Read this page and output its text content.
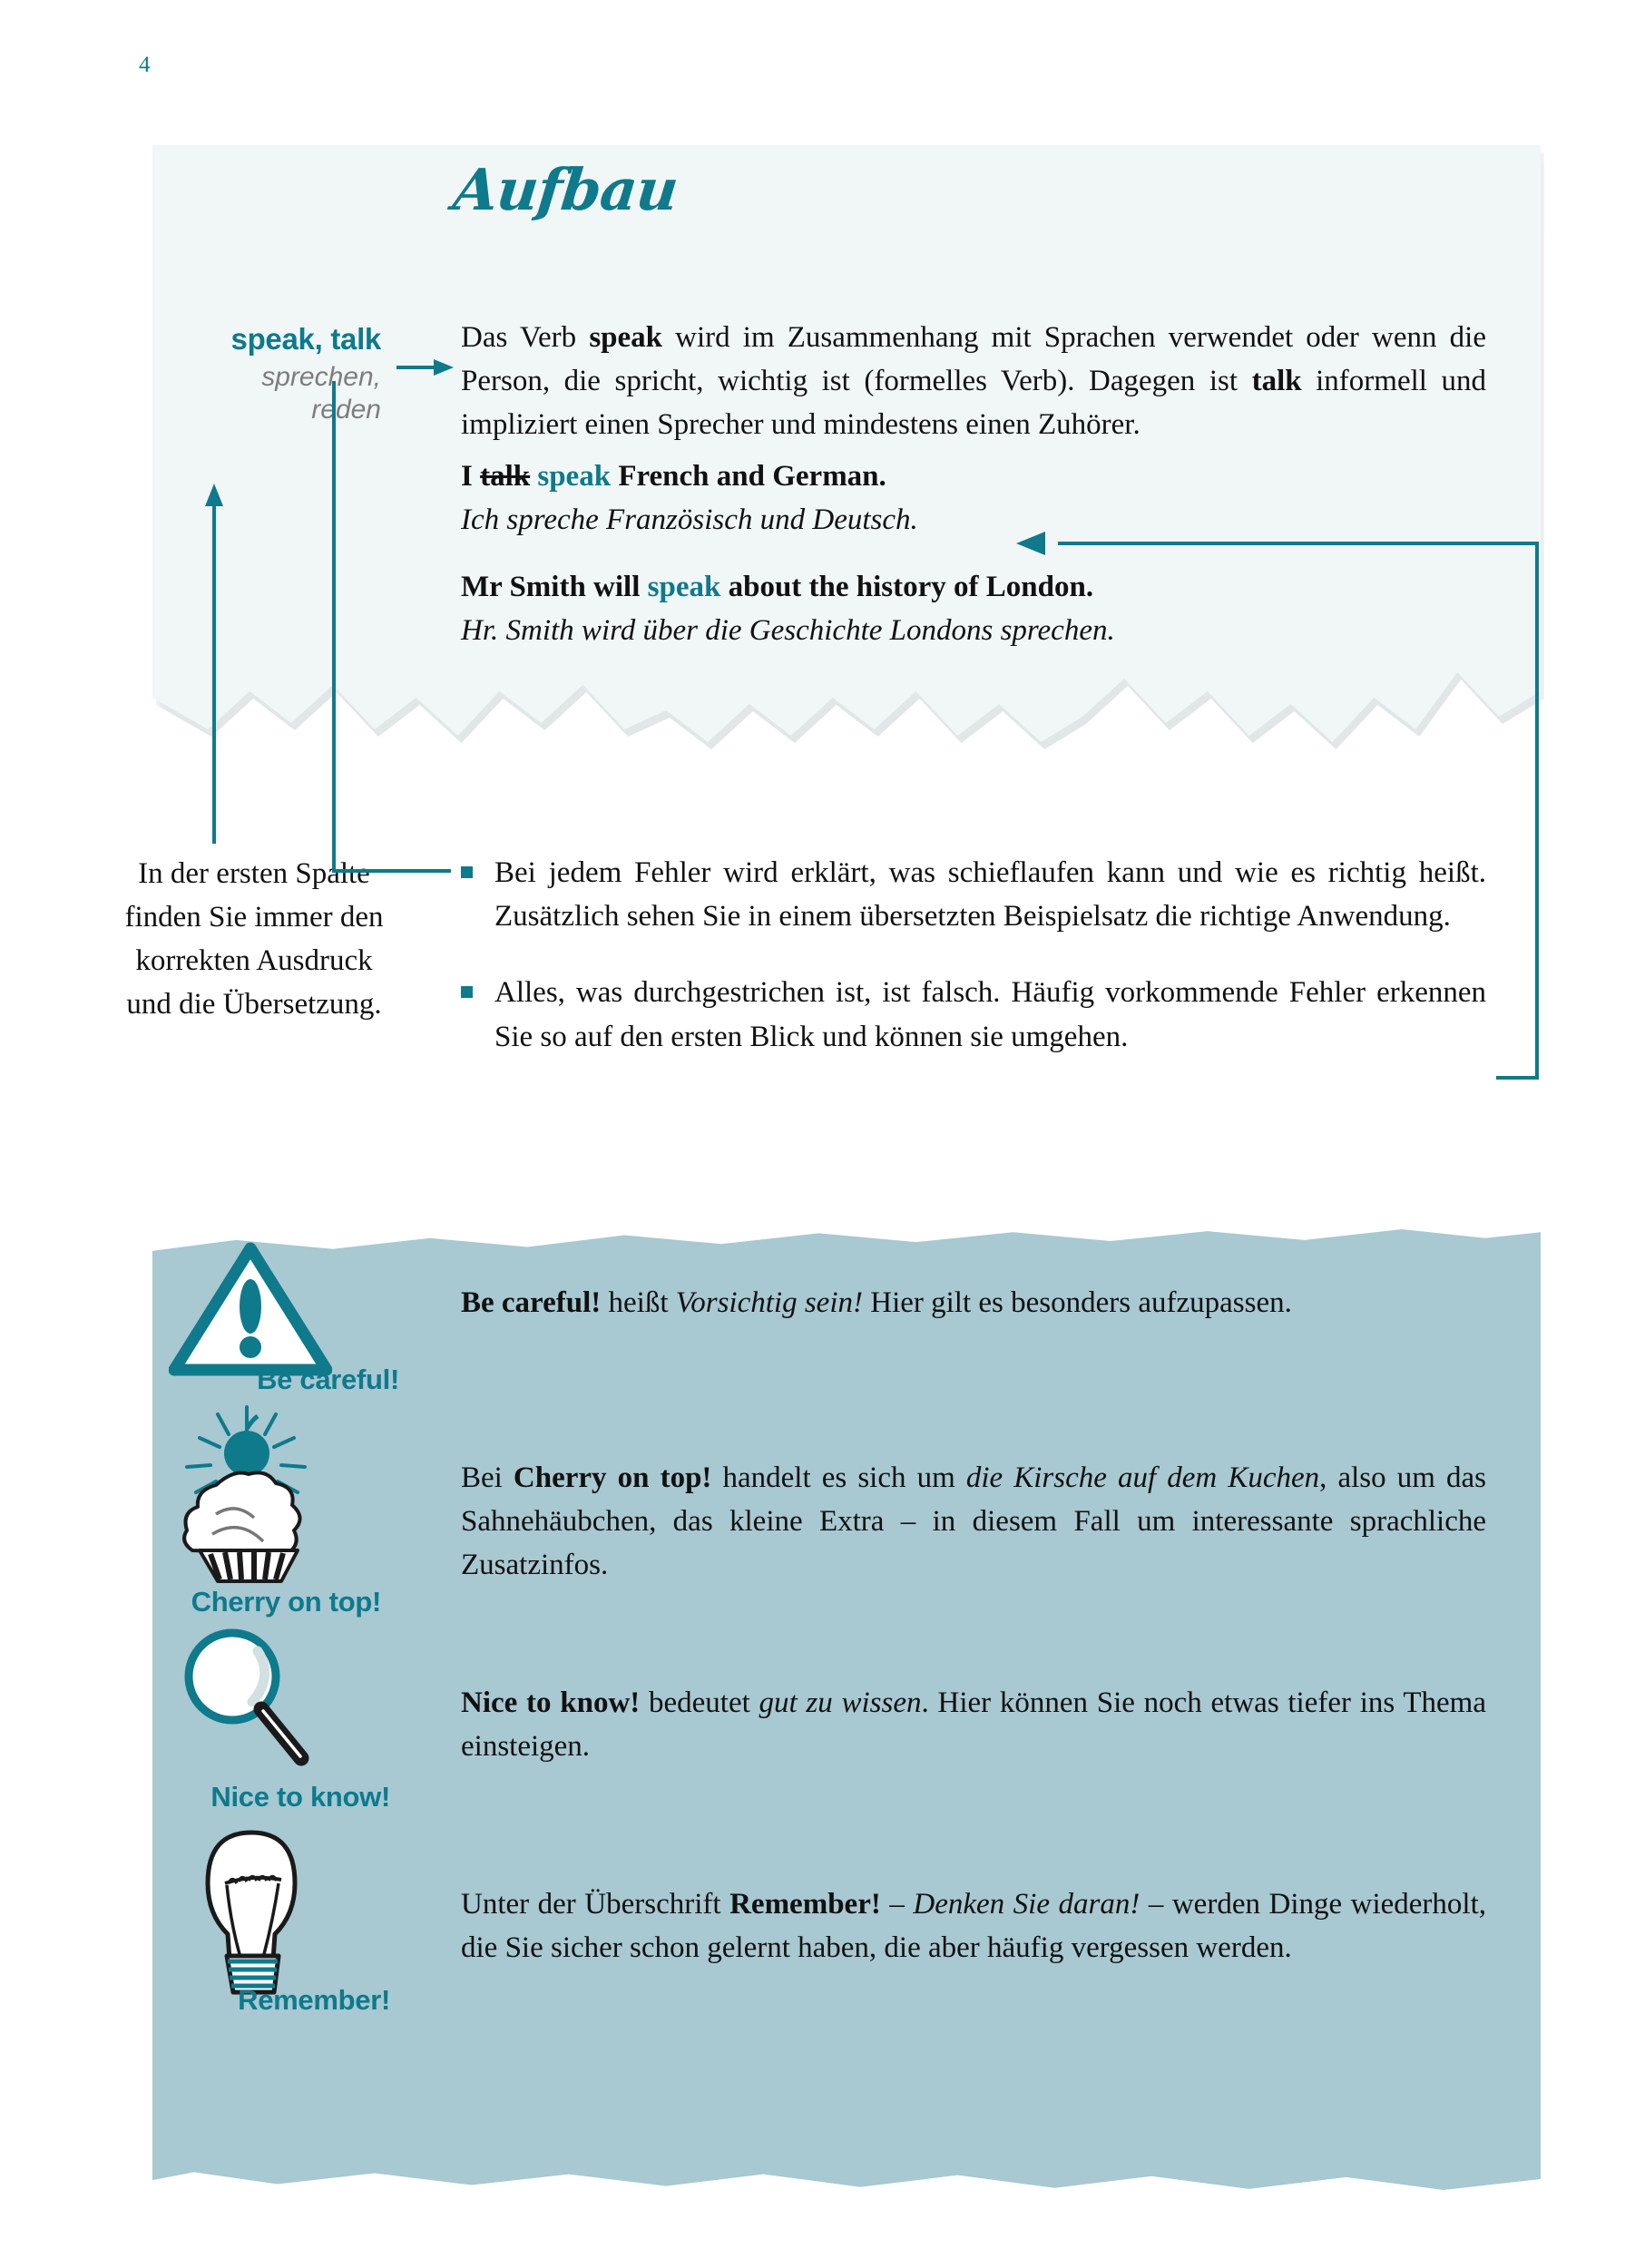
4
Aufbau
speak, talk
sprechen,
reden
Das Verb speak wird im Zusammenhang mit Sprachen verwendet oder wenn die Person, die spricht, wichtig ist (formelles Verb). Dagegen ist talk informell und impliziert einen Sprecher und mindestens einen Zuhörer.
I talk speak French and German.
Ich spreche Französisch und Deutsch.
Mr Smith will speak about the history of London.
Hr. Smith wird über die Geschichte Londons sprechen.
In der ersten Spalte finden Sie immer den korrekten Ausdruck und die Übersetzung.
Bei jedem Fehler wird erklärt, was schieflaufen kann und wie es richtig heißt. Zusätzlich sehen Sie in einem übersetzten Beispielsatz die richtige Anwendung.
Alles, was durchgestrichen ist, ist falsch. Häufig vorkommende Fehler erkennen Sie so auf den ersten Blick und können sie umgehen.
Be careful!
Cherry on top!
Nice to know!
Remember!
Be careful! heißt Vorsichtig sein! Hier gilt es besonders aufzupassen.
Bei Cherry on top! handelt es sich um die Kirsche auf dem Kuchen, also um das Sahnehäubchen, das kleine Extra – in diesem Fall um interessante sprachliche Zusatzinfos.
Nice to know! bedeutet gut zu wissen. Hier können Sie noch etwas tiefer ins Thema einsteigen.
Unter der Überschrift Remember! – Denken Sie daran! – werden Dinge wiederholt, die Sie sicher schon gelernt haben, die aber häufig vergessen werden.
